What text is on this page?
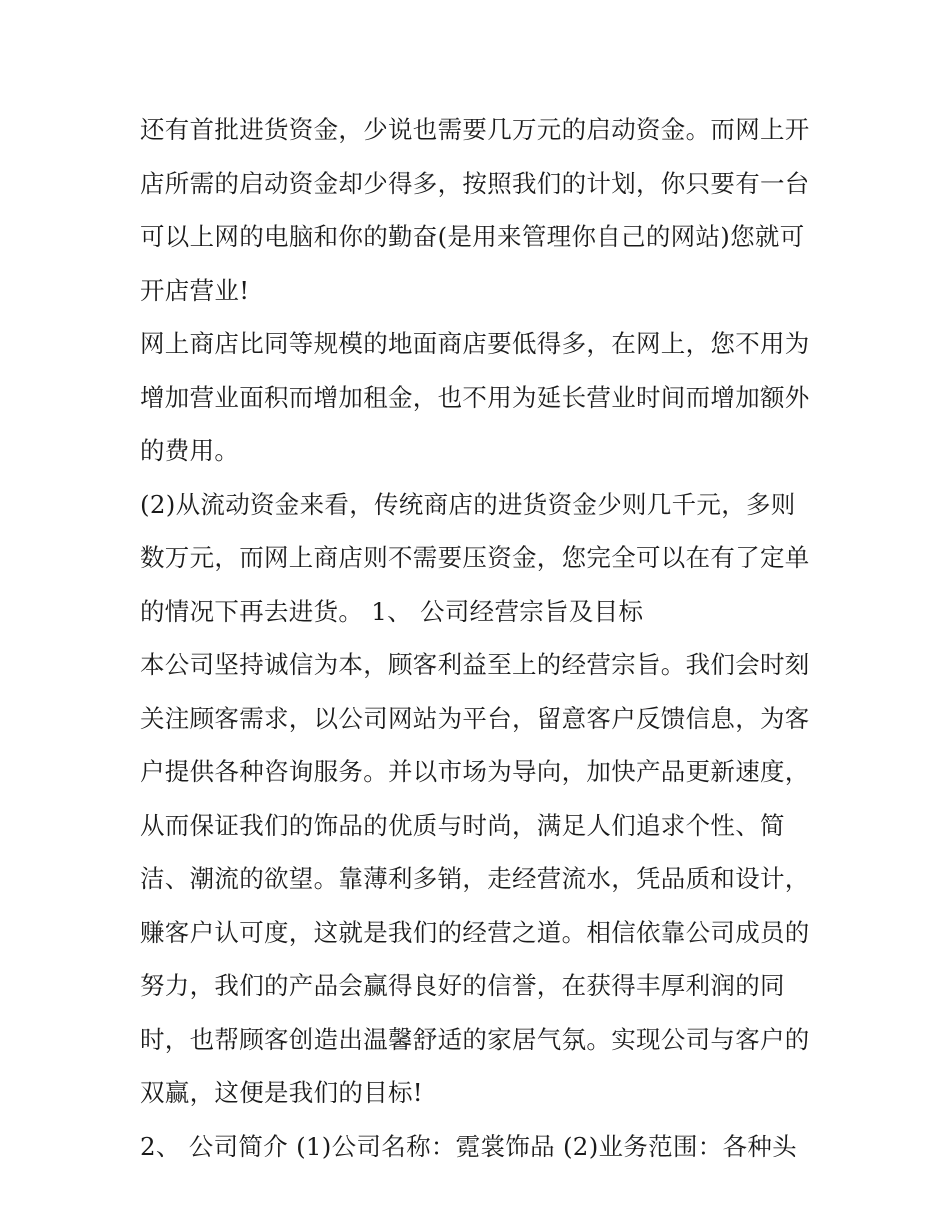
还有首批进货资金，少说也需要几万元的启动资金。而网上开
店所需的启动资金却少得多，按照我们的计划，你只要有一台
可以上网的电脑和你的勤奋(是用来管理你自己的网站)您就可
开店营业!
网上商店比同等规模的地面商店要低得多，在网上，您不用为
增加营业面积而增加租金，也不用为延长营业时间而增加额外
的费用。
(2)从流动资金来看，传统商店的进货资金少则几千元，多则
数万元，而网上商店则不需要压资金，您完全可以在有了定单
的情况下再去进货。 1、 公司经营宗旨及目标
本公司坚持诚信为本，顾客利益至上的经营宗旨。我们会时刻
关注顾客需求，以公司网站为平台，留意客户反馈信息，为客
户提供各种咨询服务。并以市场为导向，加快产品更新速度，
从而保证我们的饰品的优质与时尚，满足人们追求个性、简
洁、潮流的欲望。靠薄利多销，走经营流水，凭品质和设计，
赚客户认可度，这就是我们的经营之道。相信依靠公司成员的
努力，我们的产品会赢得良好的信誉，在获得丰厚利润的同
时，也帮顾客创造出温馨舒适的家居气氛。实现公司与客户的
双赢，这便是我们的目标!
2、 公司简介 (1)公司名称：霓裳饰品 (2)业务范围：各种头
